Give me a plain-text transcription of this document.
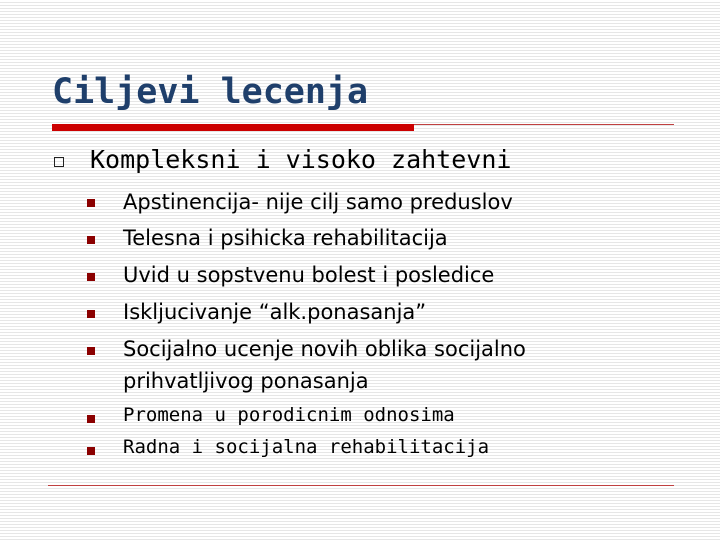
Ciljevi lecenja
Kompleksni i visoko zahtevni
Apstinencija- nije cilj samo preduslov
Telesna i psihicka rehabilitacija
Uvid u sopstvenu bolest i posledice
Iskljucivanje “alk.ponasanja”
Socijalno ucenje novih oblika socijalno
prihvatljivog ponasanja
Promena u porodicnim odnosima
Radna i socijalna rehabilitacija
